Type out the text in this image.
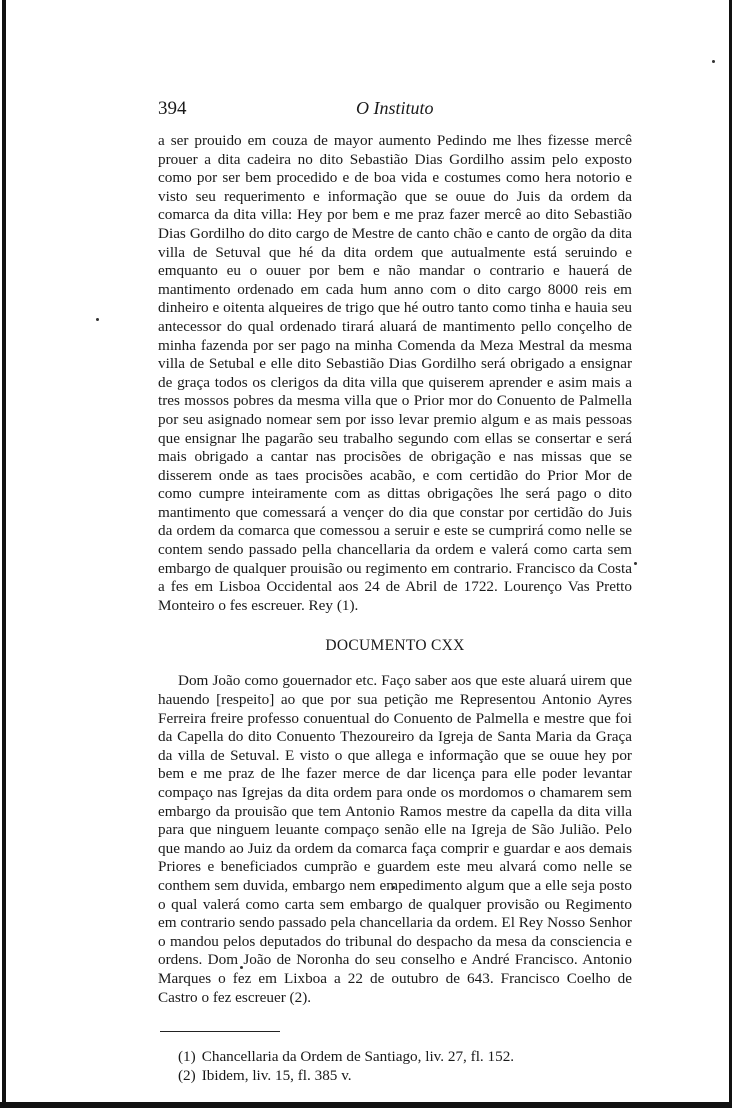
394	O Instituto

a ser prouido em couza de mayor aumento Pedindo me lhes fizesse mercê prouer a dita cadeira no dito Sebastião Dias Gordilho assim pelo exposto como por ser bem procedido e de boa vida e costumes como hera notorio e visto seu requerimento e informação que se ouue do Juis da ordem da comarca da dita villa: Hey por bem e me praz fazer mercê ao dito Sebastião Dias Gordilho do dito cargo de Mestre de canto chão e canto de orgão da dita villa de Setuval que hé da dita ordem que autualmente está seruindo e emquanto eu o ouuer por bem e não mandar o contrario e hauerá de mantimento ordenado em cada hum anno com o dito cargo 8000 reis em dinheiro e oitenta alqueires de trigo que hé outro tanto como tinha e hauia seu antecessor do qual ordenado tirará aluará de mantimento pello conçelho de minha fazenda por ser pago na minha Comenda da Meza Mestral da mesma villa de Setubal e elle dito Sebastião Dias Gordilho será obrigado a ensignar de graça todos os clerigos da dita villa que quiserem aprender e asim mais a tres mossos pobres da mesma villa que o Prior mor do Conuento de Palmella por seu asignado nomear sem por isso levar premio algum e as mais pessoas que ensignar lhe pagarão seu trabalho segundo com ellas se consertar e será mais obrigado a cantar nas procisões de obrigação e nas missas que se disserem onde as taes procisões acabão, e com certidão do Prior Mor de como cumpre inteiramente com as dittas obrigações lhe será pago o dito mantimento que comessará a vençer do dia que constar por certidão do Juis da ordem da comarca que comessou a seruir e este se cumprirá como nelle se contem sendo passado pella chancellaria da ordem e valerá como carta sem embargo de qualquer prouisão ou regimento em contrario. Francisco da Costa a fes em Lisboa Occidental aos 24 de Abril de 1722. Lourenço Vas Pretto Monteiro o fes escreuer. Rey (1).

DOCUMENTO CXX

Dom João como gouernador etc. Faço saber aos que este aluará uirem que hauendo [respeito] ao que por sua petição me Representou Antonio Ayres Ferreira freire professo conuentual do Conuento de Palmella e mestre que foi da Capella do dito Conuento Thezoureiro da Igreja de Santa Maria da Graça da villa de Setuval. E visto o que allega e informação que se ouue hey por bem e me praz de lhe fazer merce de dar licença para elle poder levantar compaço nas Igrejas da dita ordem para onde os mordomos o chamarem sem embargo da prouisão que tem Antonio Ramos mestre da capella da dita villa para que ninguem leuante compaço senão elle na Igreja de São Julião. Pelo que mando ao Juiz da ordem da comarca faça comprir e guardar e aos demais Priores e beneficiados cumprão e guardem este meu alvará como nelle se conthem sem duvida, embargo nem empedimento algum que a elle seja posto o qual valerá como carta sem embargo de qualquer provisão ou Regimento em contrario sendo passado pela chancellaria da ordem. El Rey Nosso Senhor o mandou pelos deputados do tribunal do despacho da mesa da consciencia e ordens. Dom João de Noronha do seu conselho e André Francisco. Antonio Marques o fez em Lixboa a 22 de outubro de 643. Francisco Coelho de Castro o fez escreuer (2).

(1) Chancellaria da Ordem de Santiago, liv. 27, fl. 152.
(2) Ibidem, liv. 15, fl. 385 v.
